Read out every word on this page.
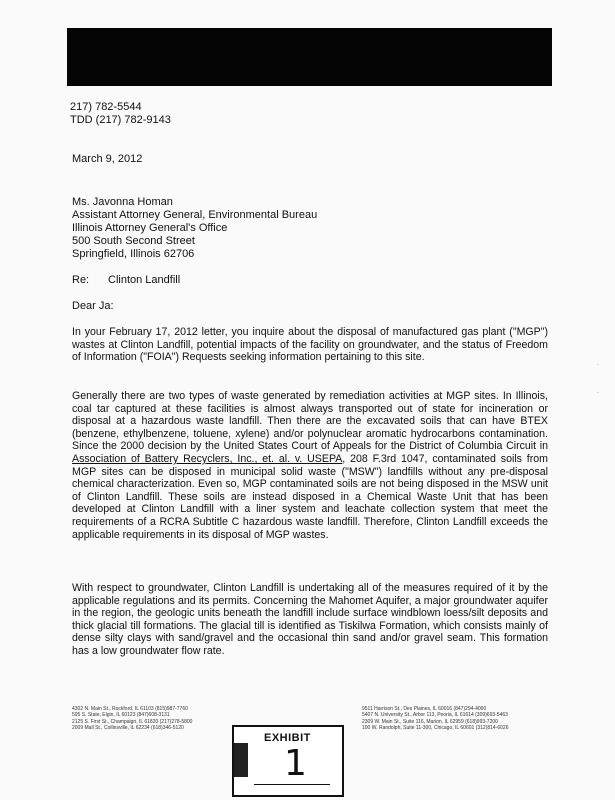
217) 782-5544
TDD (217) 782-9143
March 9, 2012
Ms. Javonna Homan
Assistant Attorney General, Environmental Bureau
Illinois Attorney General's Office
500 South Second Street
Springfield, Illinois 62706
Re: Clinton Landfill
Dear Ja:

In your February 17, 2012 letter, you inquire about the disposal of manufactured gas plant ("MGP") wastes at Clinton Landfill, potential impacts of the facility on groundwater, and the status of Freedom of Information ("FOIA") Requests seeking information pertaining to this site.

Generally there are two types of waste generated by remediation activities at MGP sites. In Illinois, coal tar captured at these facilities is almost always transported out of state for incineration or disposal at a hazardous waste landfill. Then there are the excavated soils that can have BTEX (benzene, ethylbenzene, toluene, xylene) and/or polynuclear aromatic hydrocarbons contamination. Since the 2000 decision by the United States Court of Appeals for the District of Columbia Circuit in Association of Battery Recyclers, Inc., et. al. v. USEPA, 208 F.3rd 1047, contaminated soils from MGP sites can be disposed in municipal solid waste ("MSW") landfills without any pre-disposal chemical characterization. Even so, MGP contaminated soils are not being disposed in the MSW unit of Clinton Landfill. These soils are instead disposed in a Chemical Waste Unit that has been developed at Clinton Landfill with a liner system and leachate collection system that meet the requirements of a RCRA Subtitle C hazardous waste landfill. Therefore, Clinton Landfill exceeds the applicable requirements in its disposal of MGP wastes.

With respect to groundwater, Clinton Landfill is undertaking all of the measures required of it by the applicable regulations and its permits. Concerning the Mahomet Aquifer, a major groundwater aquifer in the region, the geologic units beneath the landfill include surface windblown loess/silt deposits and thick glacial till formations. The glacial till is identified as Tiskilwa Formation, which consists mainly of dense silty clays with sand/gravel and the occasional thin sand and/or gravel seam. This formation has a low groundwater flow rate.

·
·
4302 N. Main St., Rockford, IL 61103 (815)987-7760
595 S. State, Elgin, IL 60123 (847)608-3131
2125 S. First St., Champaign, IL 61820 (217)278-5800
2009 Mall St., Collinsville, IL 62234 (618)346-5120
9511 Harrison St., Des Plaines, IL 60016 (847)294-4000
5407 N. University St., Arbor 113, Peoria, IL 61614 (309)693-5463
2309 W. Main St., Suite 116, Marion, IL 62959 (618)993-7200
100 W. Randolph, Suite 11-300, Chicago, IL 60601 (312)814-6026
EXHIBIT
1
